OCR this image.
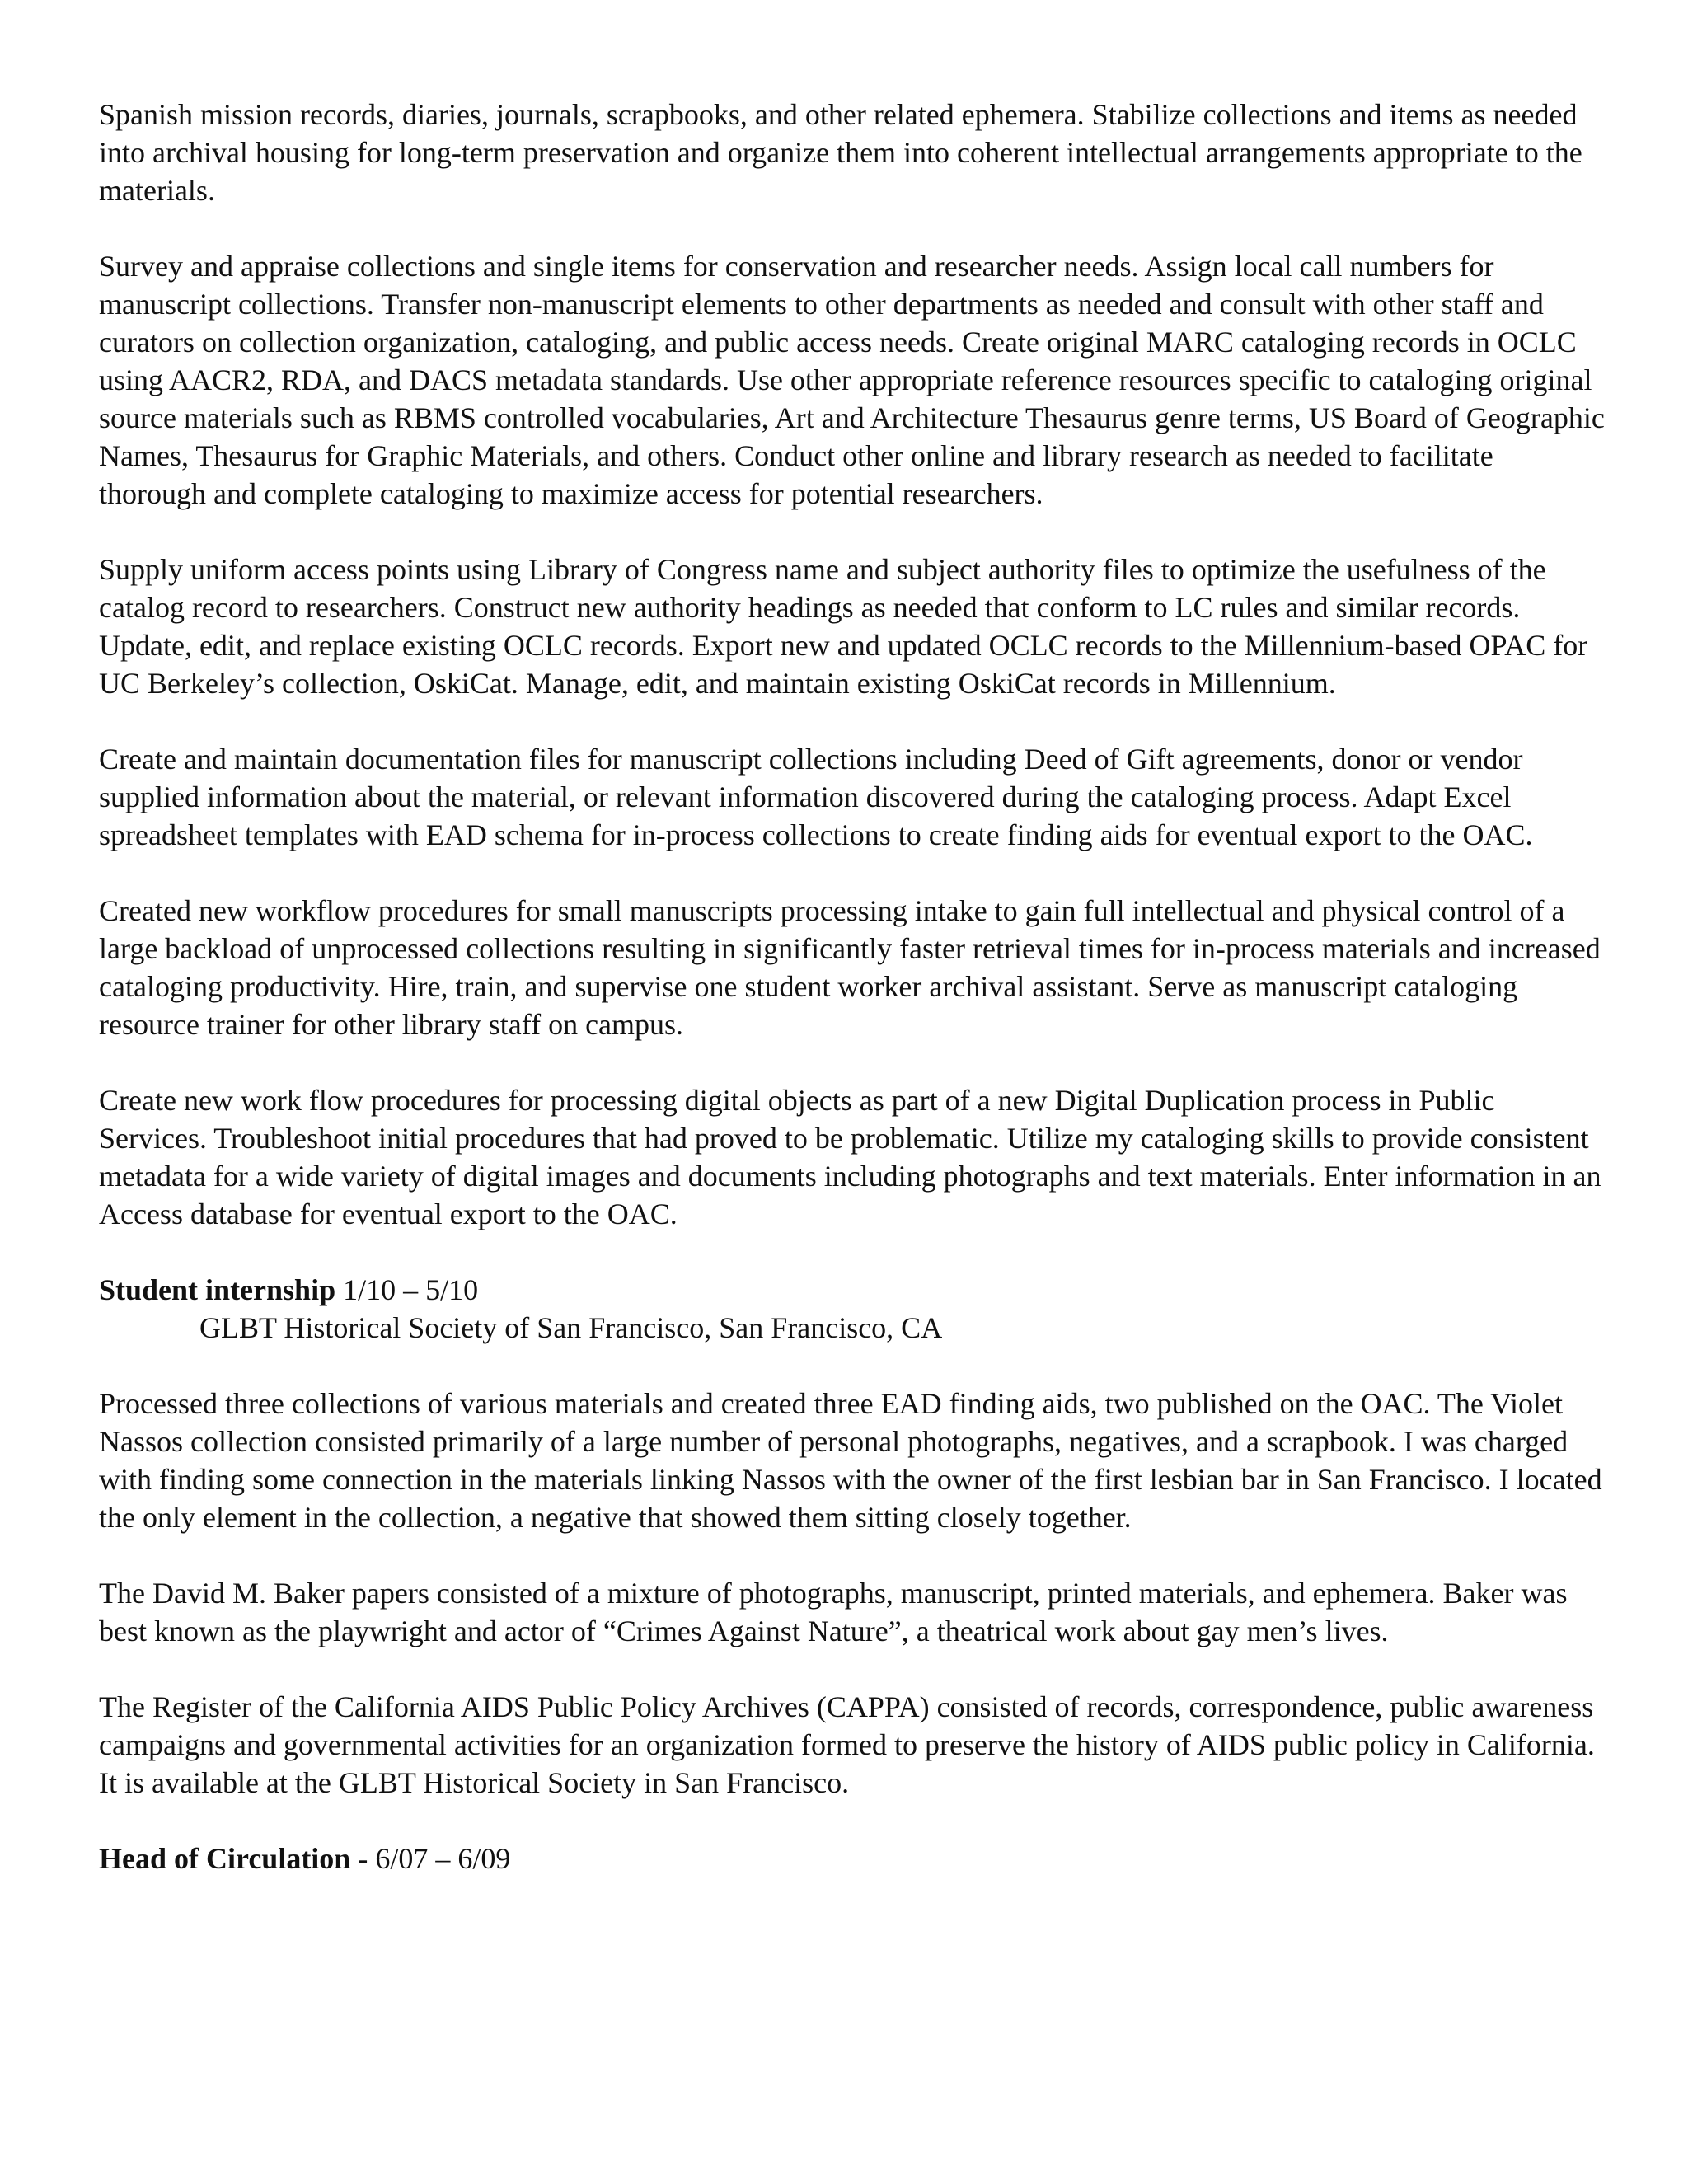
Spanish mission records, diaries, journals, scrapbooks, and other related ephemera. Stabilize collections and items as needed into archival housing for long-term preservation and organize them into coherent intellectual arrangements appropriate to the materials.

Survey and appraise collections and single items for conservation and researcher needs. Assign local call numbers for manuscript collections. Transfer non-manuscript elements to other departments as needed and consult with other staff and curators on collection organization, cataloging, and public access needs. Create original MARC cataloging records in OCLC using AACR2, RDA, and DACS metadata standards. Use other appropriate reference resources specific to cataloging original source materials such as RBMS controlled vocabularies, Art and Architecture Thesaurus genre terms, US Board of Geographic Names, Thesaurus for Graphic Materials, and others. Conduct other online and library research as needed to facilitate thorough and complete cataloging to maximize access for potential researchers.

Supply uniform access points using Library of Congress name and subject authority files to optimize the usefulness of the catalog record to researchers. Construct new authority headings as needed that conform to LC rules and similar records. Update, edit, and replace existing OCLC records. Export new and updated OCLC records to the Millennium-based OPAC for UC Berkeley’s collection, OskiCat. Manage, edit, and maintain existing OskiCat records in Millennium.

Create and maintain documentation files for manuscript collections including Deed of Gift agreements, donor or vendor supplied information about the material, or relevant information discovered during the cataloging process. Adapt Excel spreadsheet templates with EAD schema for in-process collections to create finding aids for eventual export to the OAC.

Created new workflow procedures for small manuscripts processing intake to gain full intellectual and physical control of a large backload of unprocessed collections resulting in significantly faster retrieval times for in-process materials and increased cataloging productivity. Hire, train, and supervise one student worker archival assistant. Serve as manuscript cataloging resource trainer for other library staff on campus.

Create new work flow procedures for processing digital objects as part of a new Digital Duplication process in Public Services. Troubleshoot initial procedures that had proved to be problematic. Utilize my cataloging skills to provide consistent metadata for a wide variety of digital images and documents including photographs and text materials. Enter information in an Access database for eventual export to the OAC.

Student internship 1/10 – 5/10
GLBT Historical Society of San Francisco, San Francisco, CA

Processed three collections of various materials and created three EAD finding aids, two published on the OAC. The Violet Nassos collection consisted primarily of a large number of personal photographs, negatives, and a scrapbook. I was charged with finding some connection in the materials linking Nassos with the owner of the first lesbian bar in San Francisco. I located the only element in the collection, a negative that showed them sitting closely together.

The David M. Baker papers consisted of a mixture of photographs, manuscript, printed materials, and ephemera. Baker was best known as the playwright and actor of “Crimes Against Nature”, a theatrical work about gay men’s lives.

The Register of the California AIDS Public Policy Archives (CAPPA) consisted of records, correspondence, public awareness campaigns and governmental activities for an organization formed to preserve the history of AIDS public policy in California. It is available at the GLBT Historical Society in San Francisco.

Head of Circulation - 6/07 – 6/09
